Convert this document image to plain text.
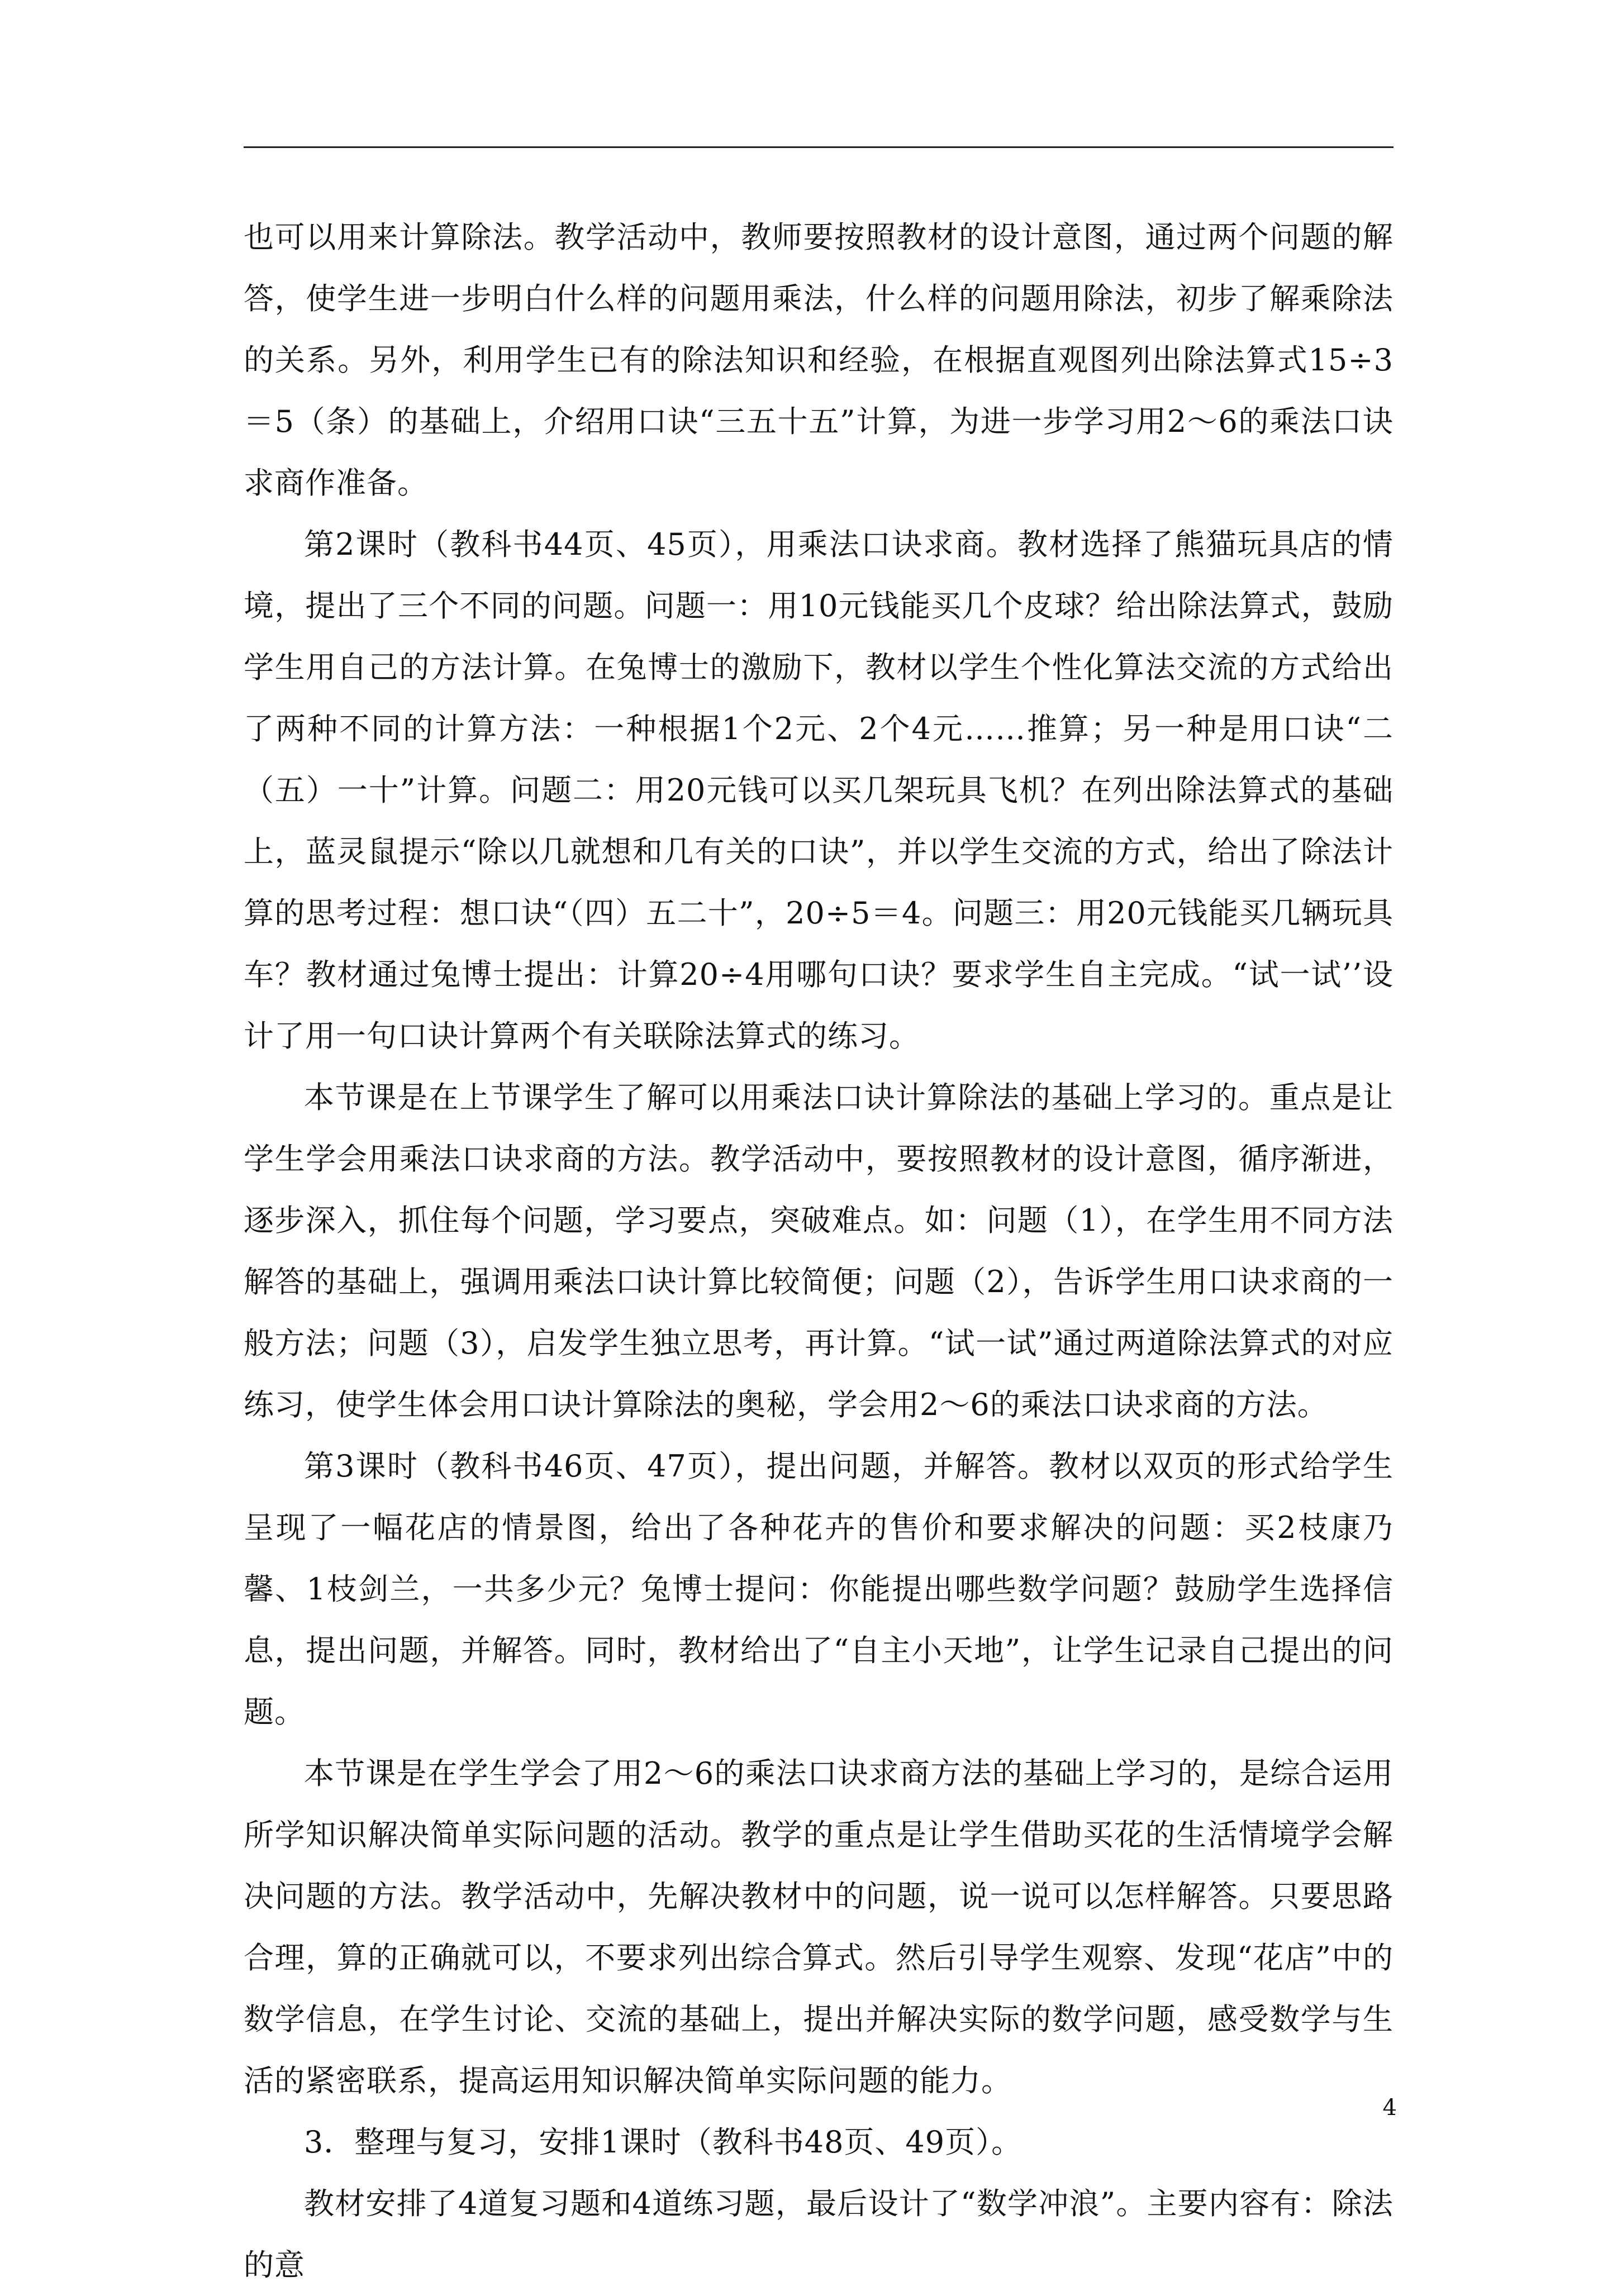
也可以用来计算除法。教学活动中，教师要按照教材的设计意图，通过两个问题的解答，使学生进一步明白什么样的问题用乘法，什么样的问题用除法，初步了解乘除法的关系。另外，利用学生已有的除法知识和经验，在根据直观图列出除法算式15÷3＝5（条）的基础上，介绍用口诀“三五十五”计算，为进一步学习用2～6的乘法口诀求商作准备。

第2课时（教科书44页、45页），用乘法口诀求商。教材选择了熊猫玩具店的情境，提出了三个不同的问题。问题一：用10元钱能买几个皮球？给出除法算式，鼓励学生用自己的方法计算。在兔博士的激励下，教材以学生个性化算法交流的方式给出了两种不同的计算方法：一种根据1个2元、2个4元……推算；另一种是用口诀“二（五）一十”计算。问题二：用20元钱可以买几架玩具飞机？在列出除法算式的基础上，蓝灵鼠提示“除以几就想和几有关的口诀”，并以学生交流的方式，给出了除法计算的思考过程：想口诀“（四）五二十”，20÷5＝4。问题三：用20元钱能买几辆玩具车？教材通过兔博士提出：计算20÷4用哪句口诀？要求学生自主完成。“试一试’’设计了用一句口诀计算两个有关联除法算式的练习。

本节课是在上节课学生了解可以用乘法口诀计算除法的基础上学习的。重点是让学生学会用乘法口诀求商的方法。教学活动中，要按照教材的设计意图，循序渐进，逐步深入，抓住每个问题，学习要点，突破难点。如：问题（1），在学生用不同方法解答的基础上，强调用乘法口诀计算比较简便；问题（2），告诉学生用口诀求商的一般方法；问题（3），启发学生独立思考，再计算。“试一试”通过两道除法算式的对应练习，使学生体会用口诀计算除法的奥秘，学会用2～6的乘法口诀求商的方法。

第3课时（教科书46页、47页），提出问题，并解答。教材以双页的形式给学生呈现了一幅花店的情景图，给出了各种花卉的售价和要求解决的问题：买2枝康乃馨、1枝剑兰，一共多少元？兔博士提问：你能提出哪些数学问题？鼓励学生选择信息，提出问题，并解答。同时，教材给出了“自主小天地”，让学生记录自己提出的问题。

本节课是在学生学会了用2～6的乘法口诀求商方法的基础上学习的，是综合运用所学知识解决简单实际问题的活动。教学的重点是让学生借助买花的生活情境学会解决问题的方法。教学活动中，先解决教材中的问题，说一说可以怎样解答。只要思路合理，算的正确就可以，不要求列出综合算式。然后引导学生观察、发现“花店”中的数学信息，在学生讨论、交流的基础上，提出并解决实际的数学问题，感受数学与生活的紧密联系，提高运用知识解决简单实际问题的能力。

3．整理与复习，安排1课时（教科书48页、49页）。

教材安排了4道复习题和4道练习题，最后设计了“数学冲浪”。主要内容有：除法的意

4
